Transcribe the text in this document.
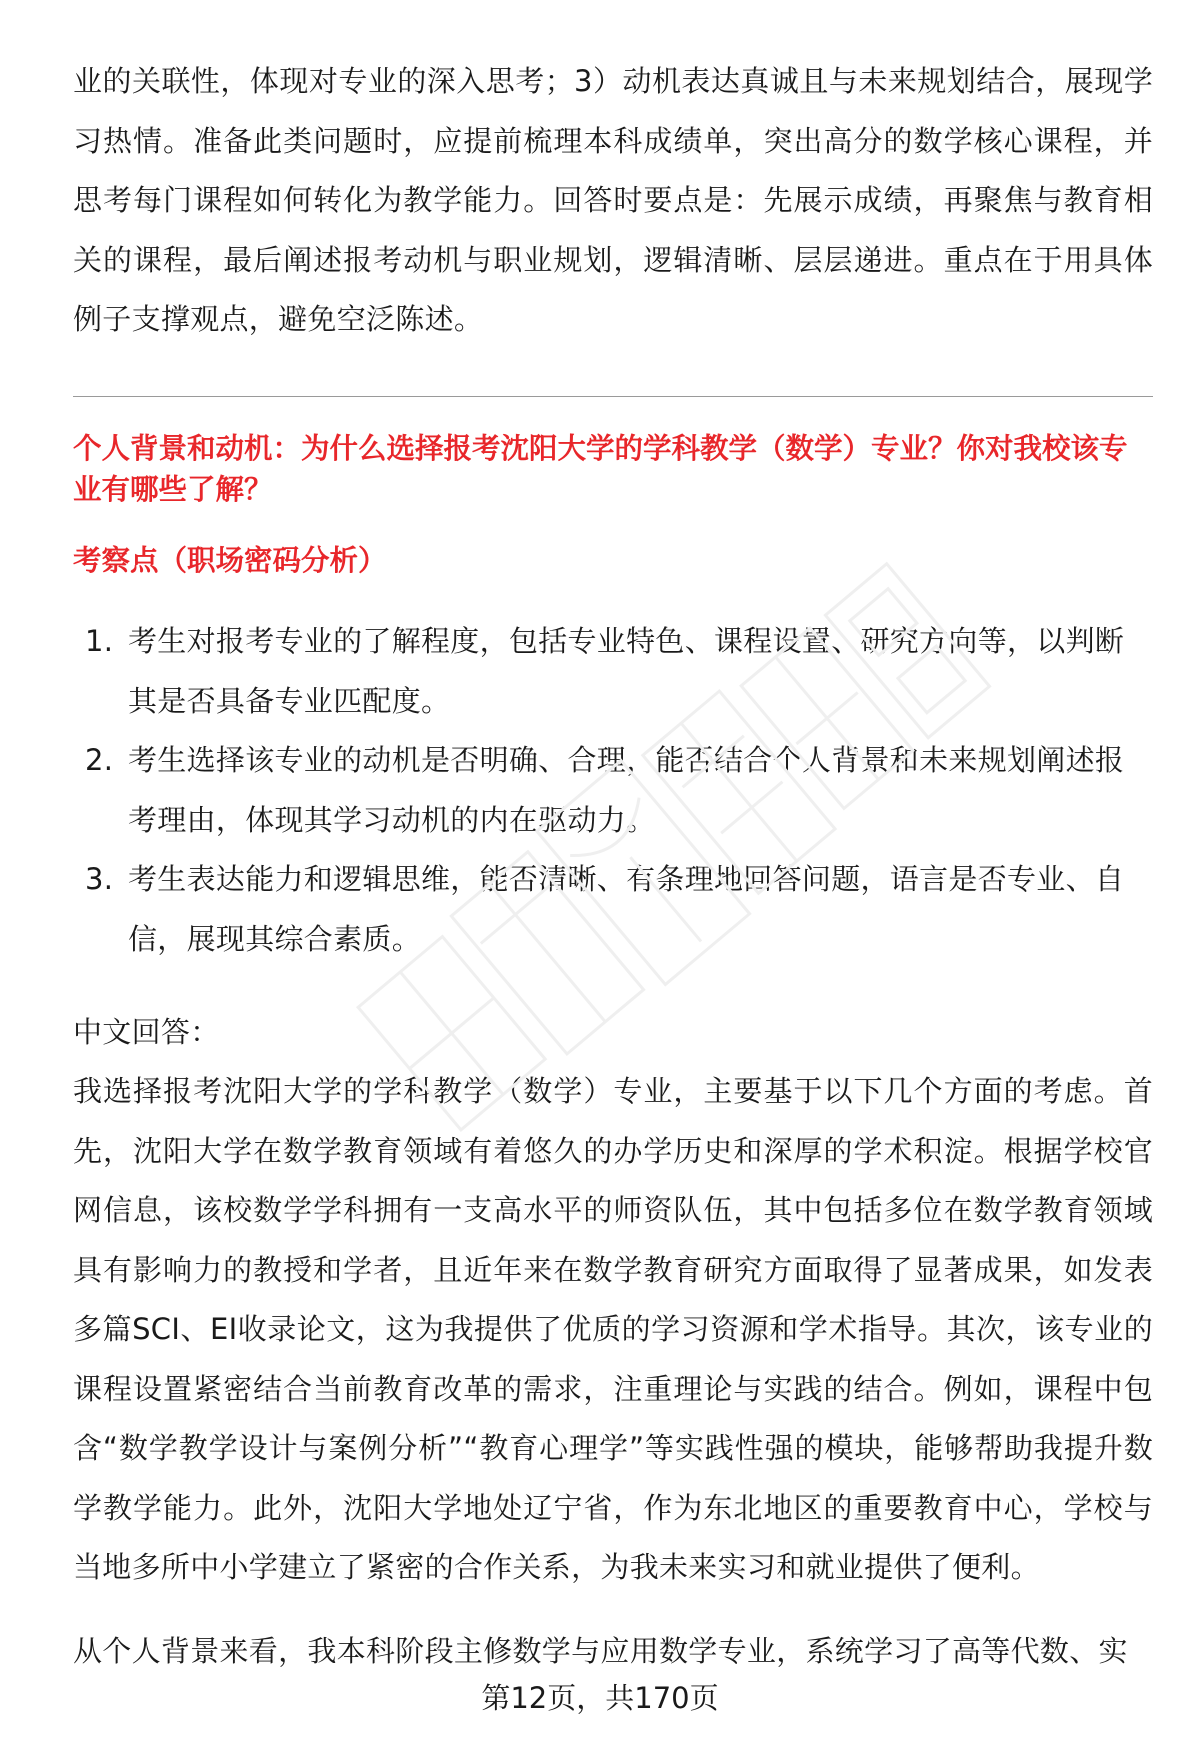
业的关联性，体现对专业的深入思考；3）动机表达真诚且与未来规划结合，展现学习热情。准备此类问题时，应提前梳理本科成绩单，突出高分的数学核心课程，并思考每门课程如何转化为教学能力。回答时要点是：先展示成绩，再聚焦与教育相关的课程，最后阐述报考动机与职业规划，逻辑清晰、层层递进。重点在于用具体例子支撑观点，避免空泛陈述。

个人背景和动机：为什么选择报考沈阳大学的学科教学（数学）专业？你对我校该专业有哪些了解？
考察点（职场密码分析）
1. 考生对报考专业的了解程度，包括专业特色、课程设置、研究方向等，以判断其是否具备专业匹配度。
2. 考生选择该专业的动机是否明确、合理，能否结合个人背景和未来规划阐述报考理由，体现其学习动机的内在驱动力。
3. 考生表达能力和逻辑思维，能否清晰、有条理地回答问题，语言是否专业、自信，展现其综合素质。

中文回答：

我选择报考沈阳大学的学科教学（数学）专业，主要基于以下几个方面的考虑。首先，沈阳大学在数学教育领域有着悠久的办学历史和深厚的学术积淀。根据学校官网信息，该校数学学科拥有一支高水平的师资队伍，其中包括多位在数学教育领域具有影响力的教授和学者，且近年来在数学教育研究方面取得了显著成果，如发表多篇SCI、EI收录论文，这为我提供了优质的学习资源和学术指导。其次，该专业的课程设置紧密结合当前教育改革的需求，注重理论与实践的结合。例如，课程中包含“数学教学设计与案例分析”“教育心理学”等实践性强的模块，能够帮助我提升数学教学能力。此外，沈阳大学地处辽宁省，作为东北地区的重要教育中心，学校与当地多所中小学建立了紧密的合作关系，为我未来实习和就业提供了便利。

从个人背景来看，我本科阶段主修数学与应用数学专业，系统学习了高等代数、实

第12页，共170页
